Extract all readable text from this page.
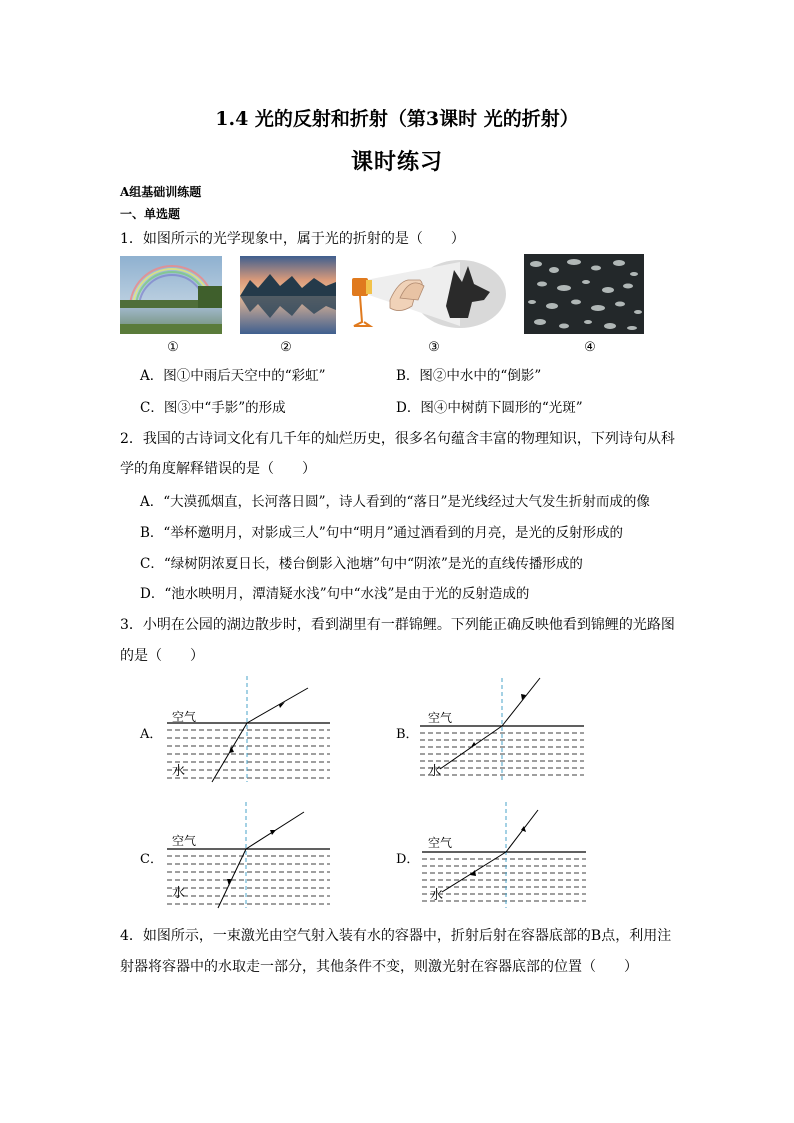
1.4 光的反射和折射（第3课时 光的折射）
课时练习
A组基础训练题
一、单选题
1．如图所示的光学现象中，属于光的折射的是（　　）
①	②	③	④
A．图①中雨后天空中的“彩虹”	B．图②中水中的“倒影”
C．图③中“手影”的形成	D．图④中树荫下圆形的“光斑”
2．我国的古诗词文化有几千年的灿烂历史，很多名句蕴含丰富的物理知识，下列诗句从科
学的角度解释错误的是（　　）
A．“大漠孤烟直，长河落日圆”，诗人看到的“落日”是光线经过大气发生折射而成的像
B．“举杯邀明月，对影成三人”句中“明月”通过酒看到的月亮，是光的反射形成的
C．“绿树阴浓夏日长，楼台倒影入池塘”句中“阴浓”是光的直线传播形成的
D．“池水映明月，潭清疑水浅”句中“水浅”是由于光的反射造成的
3．小明在公园的湖边散步时，看到湖里有一群锦鲤。下列能正确反映他看到锦鲤的光路图
的是（　　）
A．
空气
水
B．
空气
水
C．
空气
水
D．
空气
水
4．如图所示，一束激光由空气射入装有水的容器中，折射后射在容器底部的B点，利用注
射器将容器中的水取走一部分，其他条件不变，则激光射在容器底部的位置（　　）
